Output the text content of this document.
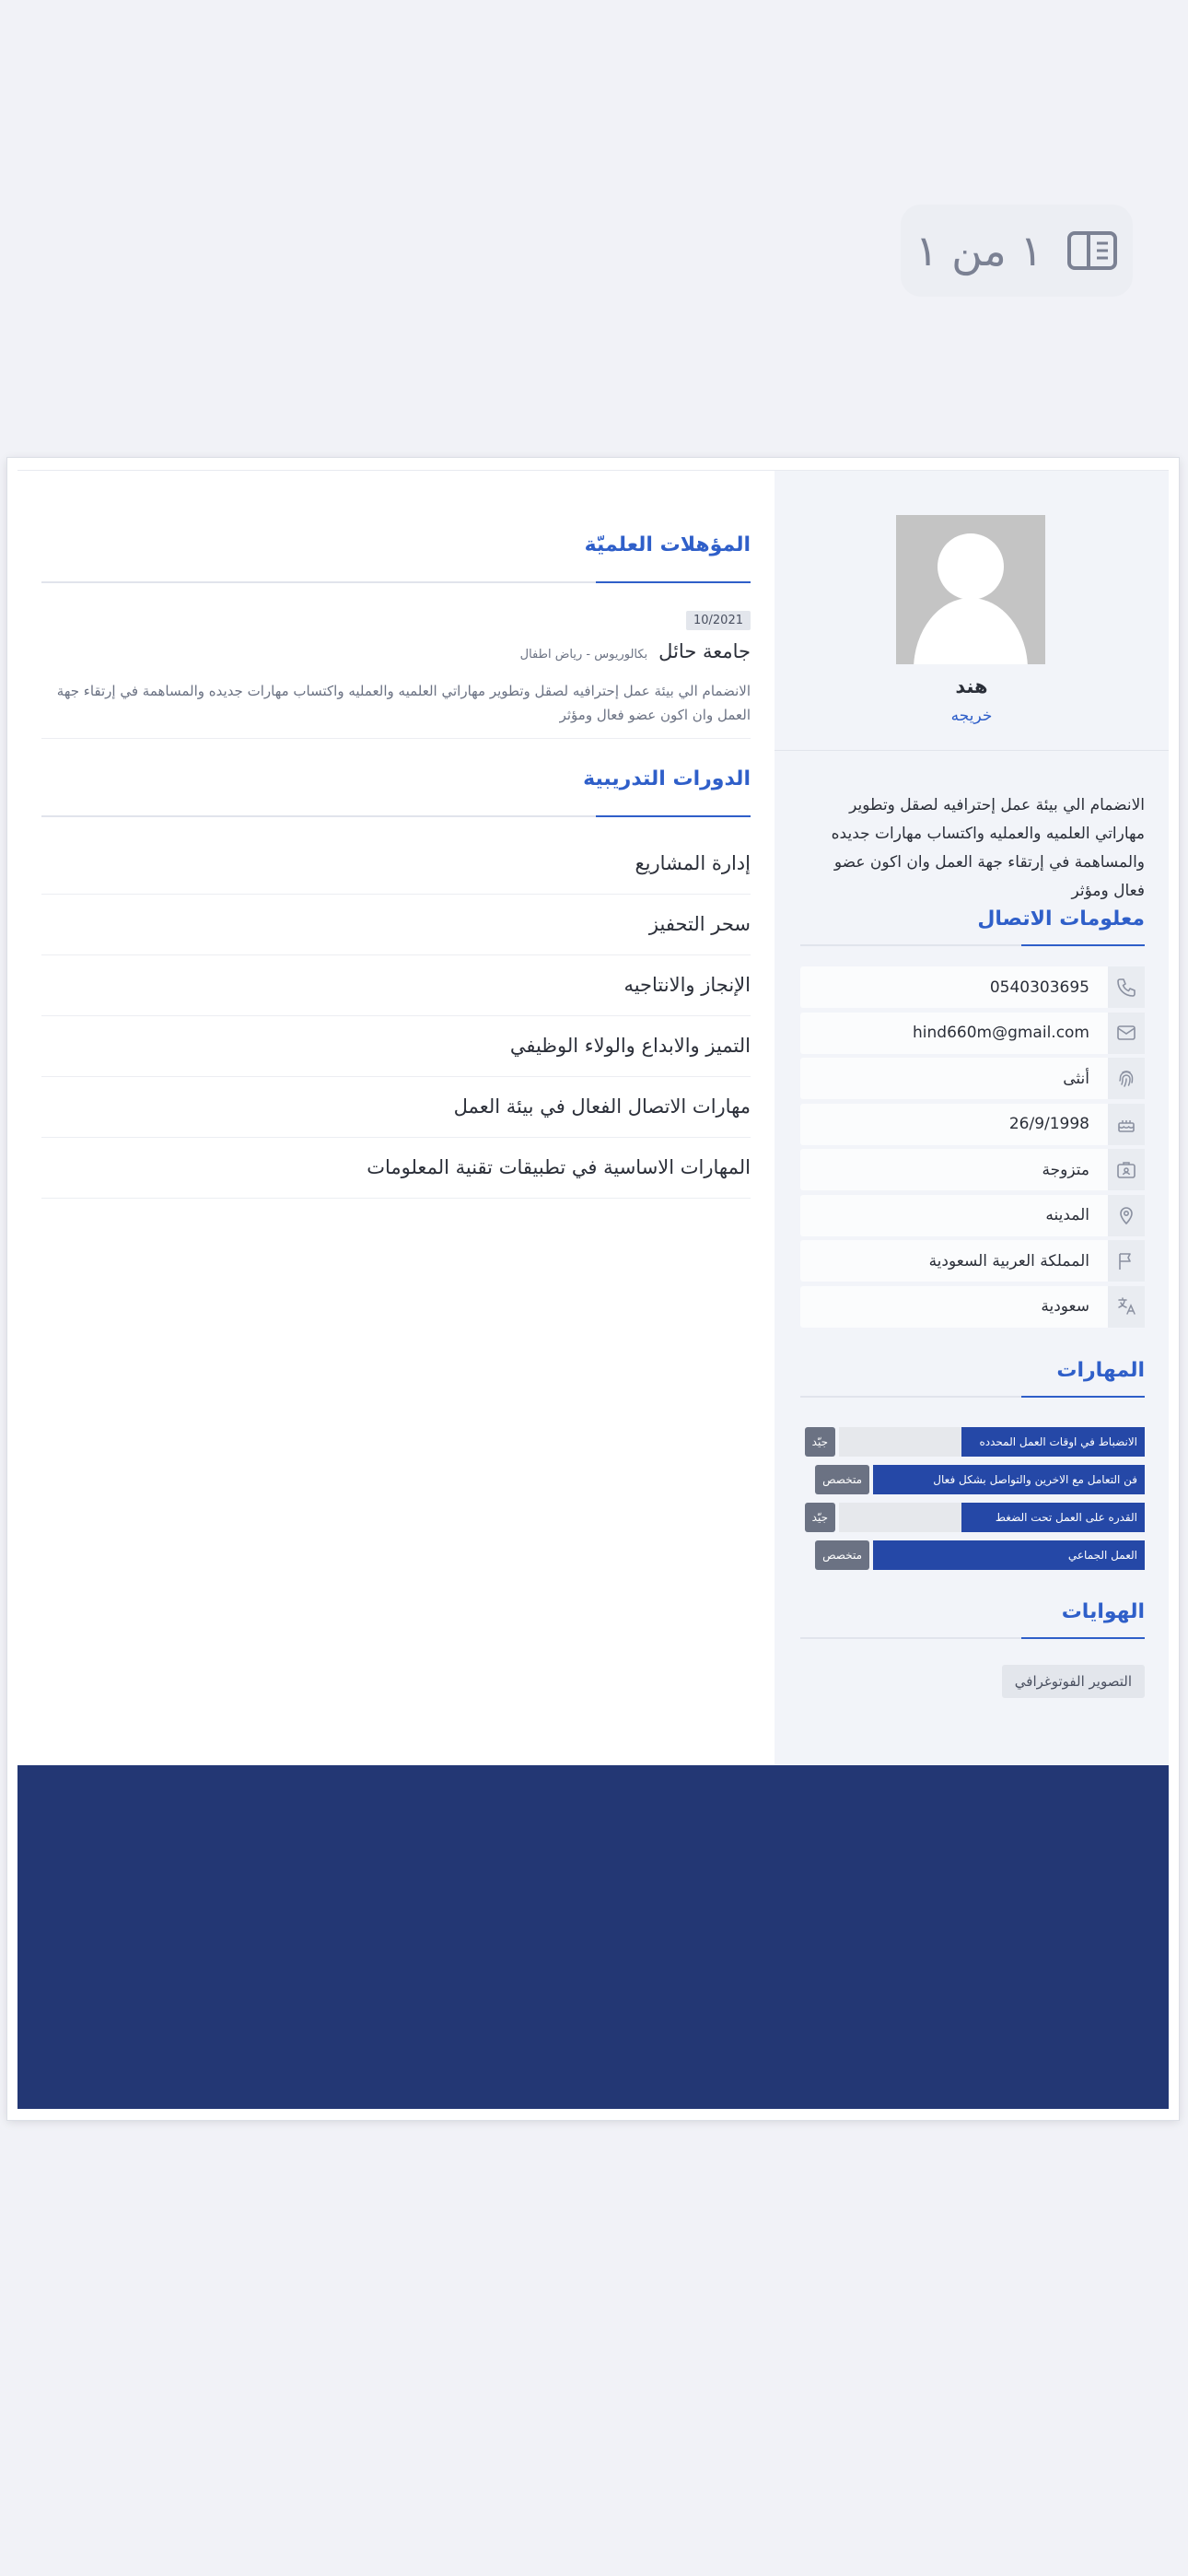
١ من ١
هند
خريجه
الانضمام الي بيئة عمل إحترافيه لصقل وتطوير مهاراتي العلميه والعمليه واكتساب مهارات جديده والمساهمة في إرتقاء جهة العمل وان اكون عضو فعال ومؤثر
معلومات الاتصال
0540303695
hind660m@gmail.com
أنثى
26/9/1998
متزوجة
المدينه
المملكة العربية السعودية
سعودية
المهارات
الانضباط في اوقات العمل المحدده
جيّد
فن التعامل مع الاخرين والتواصل بشكل فعال
متخصص
القدره على العمل تحت الضغط
جيّد
العمل الجماعي
متخصص
الهوايات
التصوير الفوتوغرافي
المؤهلات العلميّة
10/2021
جامعة حائل
بكالوريوس - رياض اطفال
الانضمام الي بيئة عمل إحترافيه لصقل وتطوير مهاراتي العلميه والعمليه واكتساب مهارات جديده والمساهمة في إرتقاء جهة العمل وان اكون عضو فعال ومؤثر
الدورات التدريبية
إدارة المشاريع
سحر التحفيز
الإنجاز والانتاجيه
التميز والابداع والولاء الوظيفي
مهارات الاتصال الفعال في بيئة العمل
المهارات الاساسية في تطبيقات تقنية المعلومات
